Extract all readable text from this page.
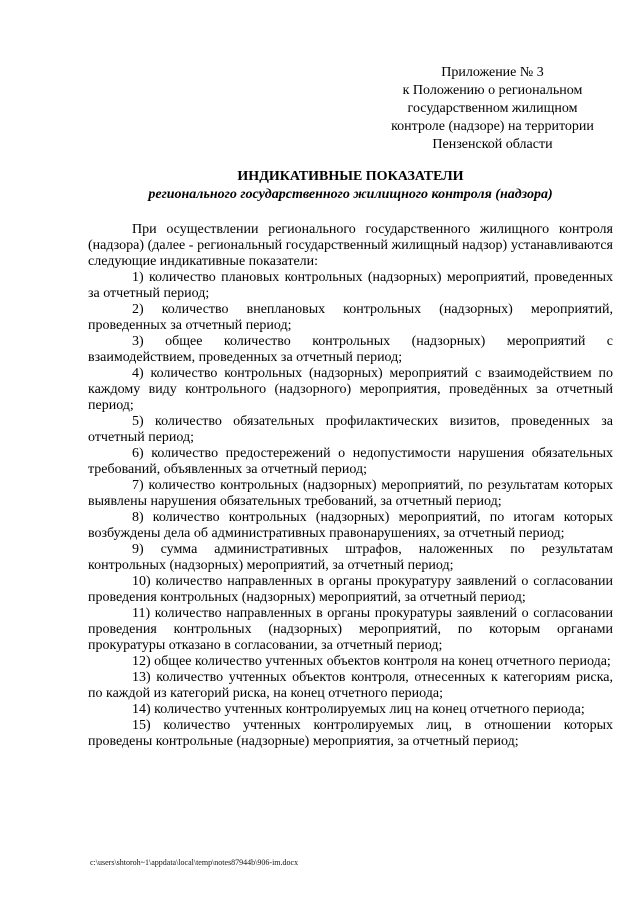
Приложение № 3
к Положению о региональном
государственном жилищном
контроле (надзоре) на территории
Пензенской области
ИНДИКАТИВНЫЕ ПОКАЗАТЕЛИ
регионального государственного жилищного контроля (надзора)

При осуществлении регионального государственного жилищного контроля (надзора) (далее - региональный государственный жилищный надзор) устанавливаются следующие индикативные показатели:

1) количество плановых контрольных (надзорных) мероприятий, проведенных за отчетный период;

2) количество внеплановых контрольных (надзорных) мероприятий, проведенных за отчетный период;

3) общее количество контрольных (надзорных) мероприятий с взаимодействием, проведенных за отчетный период;

4) количество контрольных (надзорных) мероприятий с взаимодействием по каждому виду контрольного (надзорного) мероприятия, проведённых за отчетный период;

5) количество обязательных профилактических визитов, проведенных за отчетный период;

6) количество предостережений о недопустимости нарушения обязательных требований, объявленных за отчетный период;

7) количество контрольных (надзорных) мероприятий, по результатам которых выявлены нарушения обязательных требований, за отчетный период;

8) количество контрольных (надзорных) мероприятий, по итогам которых возбуждены дела об административных правонарушениях, за отчетный период;

9) сумма административных штрафов, наложенных по результатам контрольных (надзорных) мероприятий, за отчетный период;

10) количество направленных в органы прокуратуру заявлений о согласовании проведения контрольных (надзорных) мероприятий, за отчетный период;

11) количество направленных в органы прокуратуры заявлений о согласовании проведения контрольных (надзорных) мероприятий, по которым органами прокуратуры отказано в согласовании, за отчетный период;

12) общее количество учтенных объектов контроля на конец отчетного периода;

13) количество учтенных объектов контроля, отнесенных к категориям риска, по каждой из категорий риска, на конец отчетного периода;

14) количество учтенных контролируемых лиц на конец отчетного периода;

15) количество учтенных контролируемых лиц, в отношении которых проведены контрольные (надзорные) мероприятия, за отчетный период;

c:\users\shtoroh~1\appdata\local\temp\notes87944b\906-im.docx
